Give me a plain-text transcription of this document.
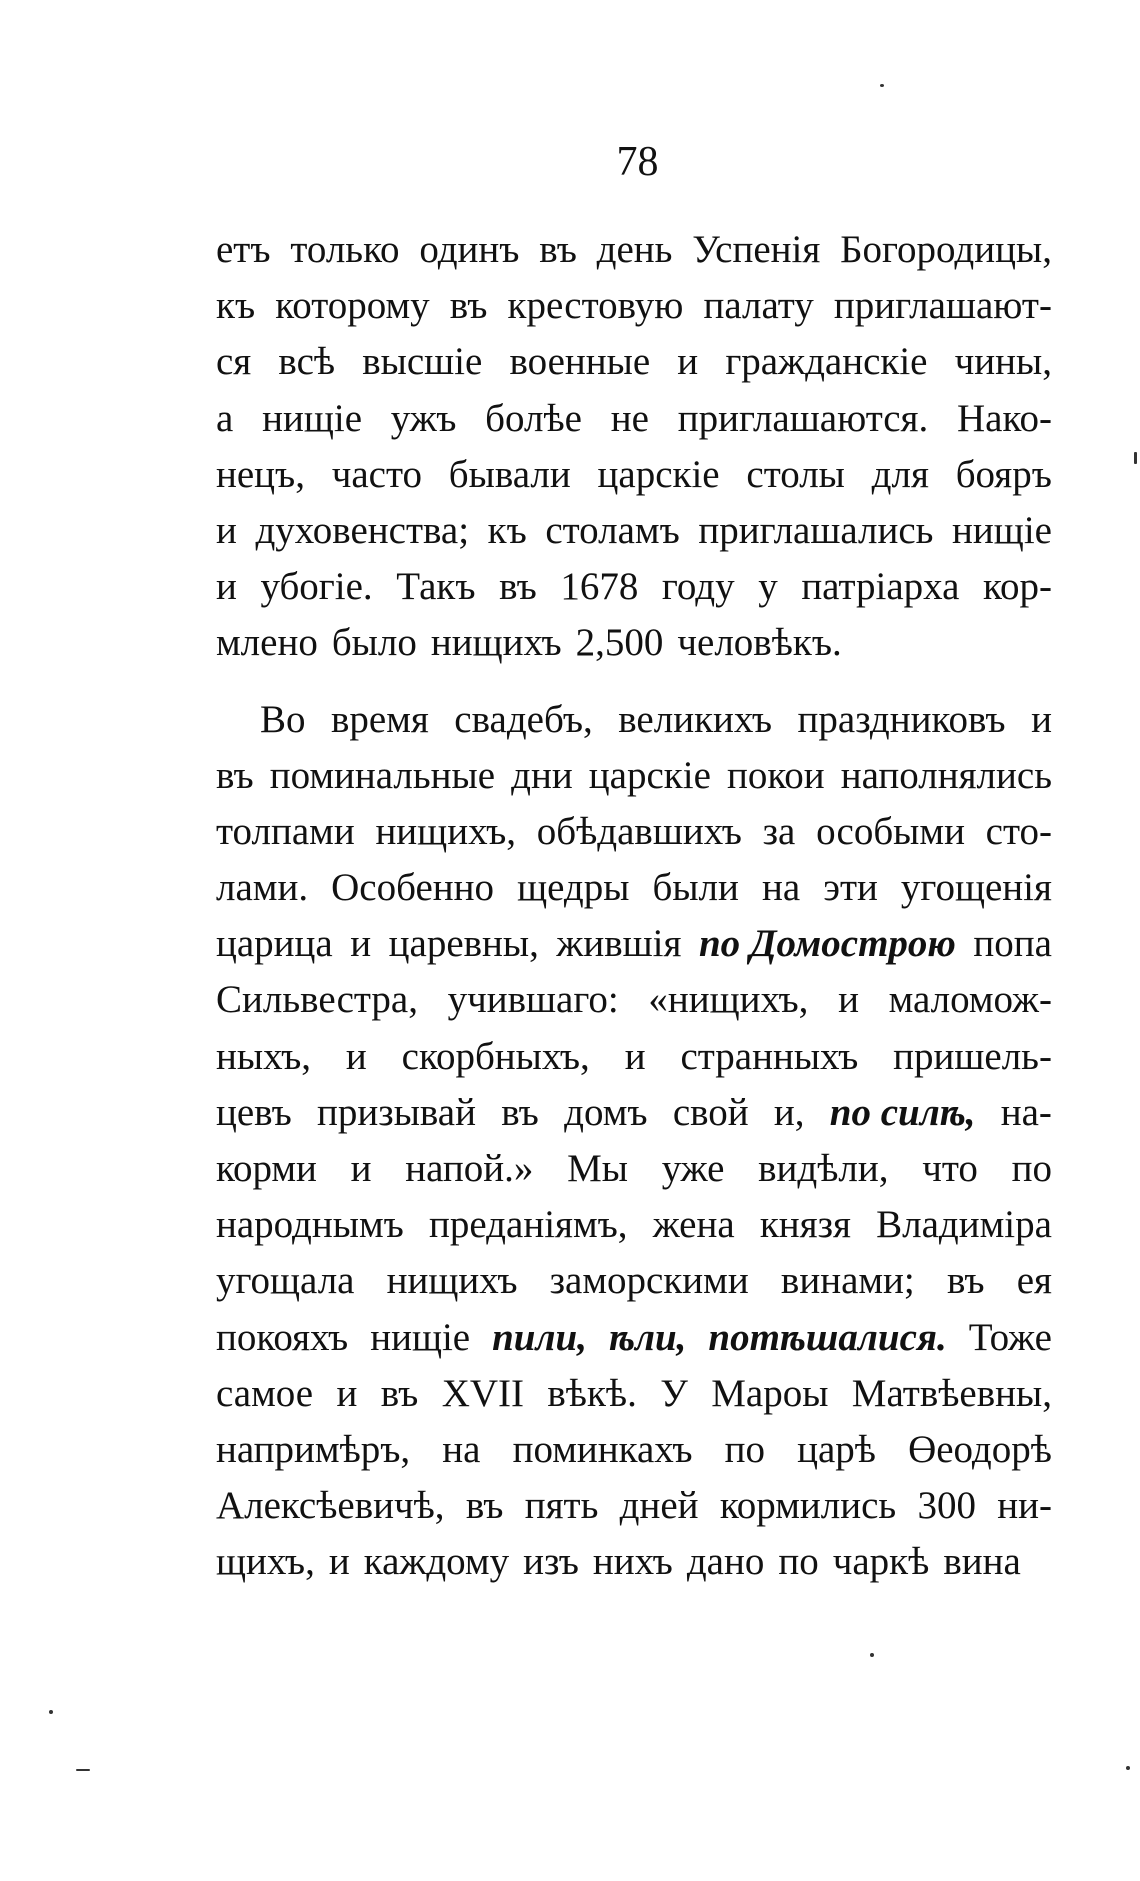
78
етъ только одинъ въ день Успенія Богородицы,
къ которому въ крестовую палату приглашают-
ся всѣ высшіе военные и гражданскіе чины,
а нищіе ужъ болѣе не приглашаются. Нако-
нецъ, часто бывали царскіе столы для бояръ
и духовенства; къ столамъ приглашались нищіе
и убогіе. Такъ въ 1678 году у патріарха кор-
млено было нищихъ 2,500 человѣкъ.
Во время свадебъ, великихъ праздниковъ и
въ поминальные дни царскіе покои наполнялись
толпами нищихъ, обѣдавшихъ за особыми сто-
лами. Особенно щедры были на эти угощенія
царица и царевны, жившія по Домострою попа
Сильвестра, учившаго: «нищихъ, и маломож-
ныхъ, и скорбныхъ, и странныхъ пришель-
цевъ призывай въ домъ свой и, по силѣ, на-
корми и напой.» Мы уже видѣли, что по
народнымъ преданіямъ, жена князя Владиміра
угощала нищихъ заморскими винами; въ ея
покояхъ нищіе пили, ѣли, потѣшалися. Тоже
самое и въ XVII вѣкѣ. У Мароы Матвѣевны,
напримѣръ, на поминкахъ по царѣ Өеодорѣ
Алексѣевичѣ, въ пять дней кормились 300 ни-
щихъ, и каждому изъ нихъ дано по чаркѣ вина
